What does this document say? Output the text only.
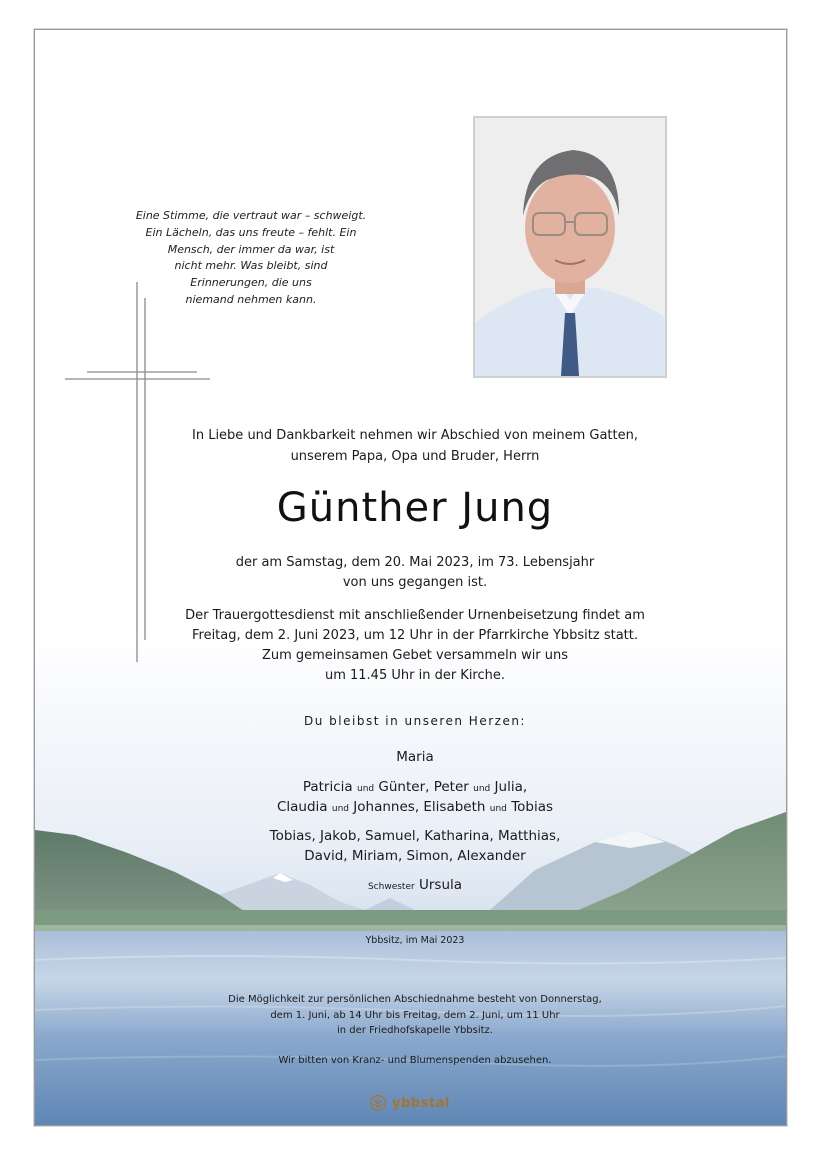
Eine Stimme, die vertraut war – schweigt.
Ein Lächeln, das uns freute – fehlt. Ein
Mensch, der immer da war, ist
nicht mehr. Was bleibt, sind
Erinnerungen, die uns
niemand nehmen kann.
In Liebe und Dankbarkeit nehmen wir Abschied von meinem Gatten,
unserem Papa, Opa und Bruder, Herrn
Günther Jung
der am Samstag, dem 20. Mai 2023, im 73. Lebensjahr
von uns gegangen ist.
Der Trauergottesdienst mit anschließender Urnenbeisetzung findet am
Freitag, dem 2. Juni 2023, um 12 Uhr in der Pfarrkirche Ybbsitz statt.
Zum gemeinsamen Gebet versammeln wir uns
um 11.45 Uhr in der Kirche.
Du bleibst in unseren Herzen:
Maria
Patricia und Günter, Peter und Julia,
Claudia und Johannes, Elisabeth und Tobias
Tobias, Jakob, Samuel, Katharina, Matthias,
David, Miriam, Simon, Alexander
Schwester Ursula
Ybbsitz, im Mai 2023
Die Möglichkeit zur persönlichen Abschiednahme besteht von Donnerstag,
dem 1. Juni, ab 14 Uhr bis Freitag, dem 2. Juni, um 11 Uhr
in der Friedhofskapelle Ybbsitz.
Wir bitten von Kranz- und Blumenspenden abzusehen.
ybbstal
